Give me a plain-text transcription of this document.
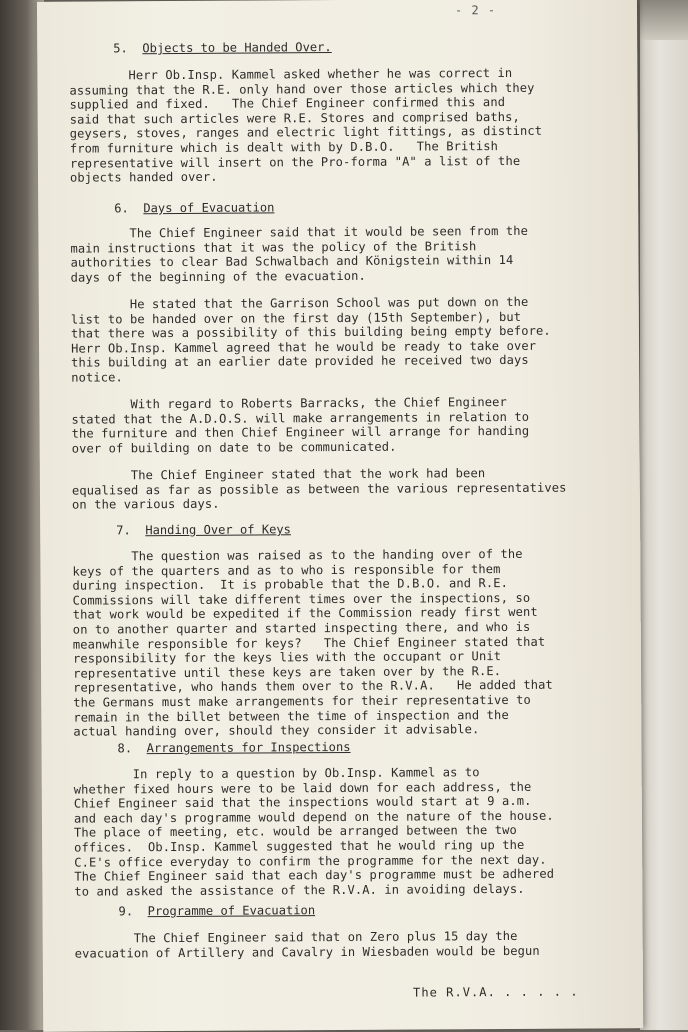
- 2 -
5. Objects to be Handed Over.
Herr Ob.Insp. Kammel asked whether he was correct in
assuming that the R.E. only hand over those articles which they
supplied and fixed.   The Chief Engineer confirmed this and
said that such articles were R.E. Stores and comprised baths,
geysers, stoves, ranges and electric light fittings, as distinct
from furniture which is dealt with by D.B.O.   The British
representative will insert on the Pro-forma "A" a list of the
objects handed over.
6. Days of Evacuation
The Chief Engineer said that it would be seen from the
main instructions that it was the policy of the British
authorities to clear Bad Schwalbach and Königstein within 14
days of the beginning of the evacuation.
He stated that the Garrison School was put down on the
list to be handed over on the first day (15th September), but
that there was a possibility of this building being empty before.
Herr Ob.Insp. Kammel agreed that he would be ready to take over
this building at an earlier date provided he received two days
notice.
With regard to Roberts Barracks, the Chief Engineer
stated that the A.D.O.S. will make arrangements in relation to
the furniture and then Chief Engineer will arrange for handing
over of building on date to be communicated.
The Chief Engineer stated that the work had been
equalised as far as possible as between the various representatives
on the various days.
7. Handing Over of Keys
The question was raised as to the handing over of the
keys of the quarters and as to who is responsible for them
during inspection.  It is probable that the D.B.O. and R.E.
Commissions will take different times over the inspections, so
that work would be expedited if the Commission ready first went
on to another quarter and started inspecting there, and who is
meanwhile responsible for keys?   The Chief Engineer stated that
responsibility for the keys lies with the occupant or Unit
representative until these keys are taken over by the R.E.
representative, who hands them over to the R.V.A.   He added that
the Germans must make arrangements for their representative to
remain in the billet between the time of inspection and the
actual handing over, should they consider it advisable.
8. Arrangements for Inspections
In reply to a question by Ob.Insp. Kammel as to
whether fixed hours were to be laid down for each address, the
Chief Engineer said that the inspections would start at 9 a.m.
and each day's programme would depend on the nature of the house.
The place of meeting, etc. would be arranged between the two
offices.  Ob.Insp. Kammel suggested that he would ring up the
C.E's office everyday to confirm the programme for the next day.
The Chief Engineer said that each day's programme must be adhered
to and asked the assistance of the R.V.A. in avoiding delays.
9. Programme of Evacuation
The Chief Engineer said that on Zero plus 15 day the
evacuation of Artillery and Cavalry in Wiesbaden would be begun
The R.V.A. . . . . .
